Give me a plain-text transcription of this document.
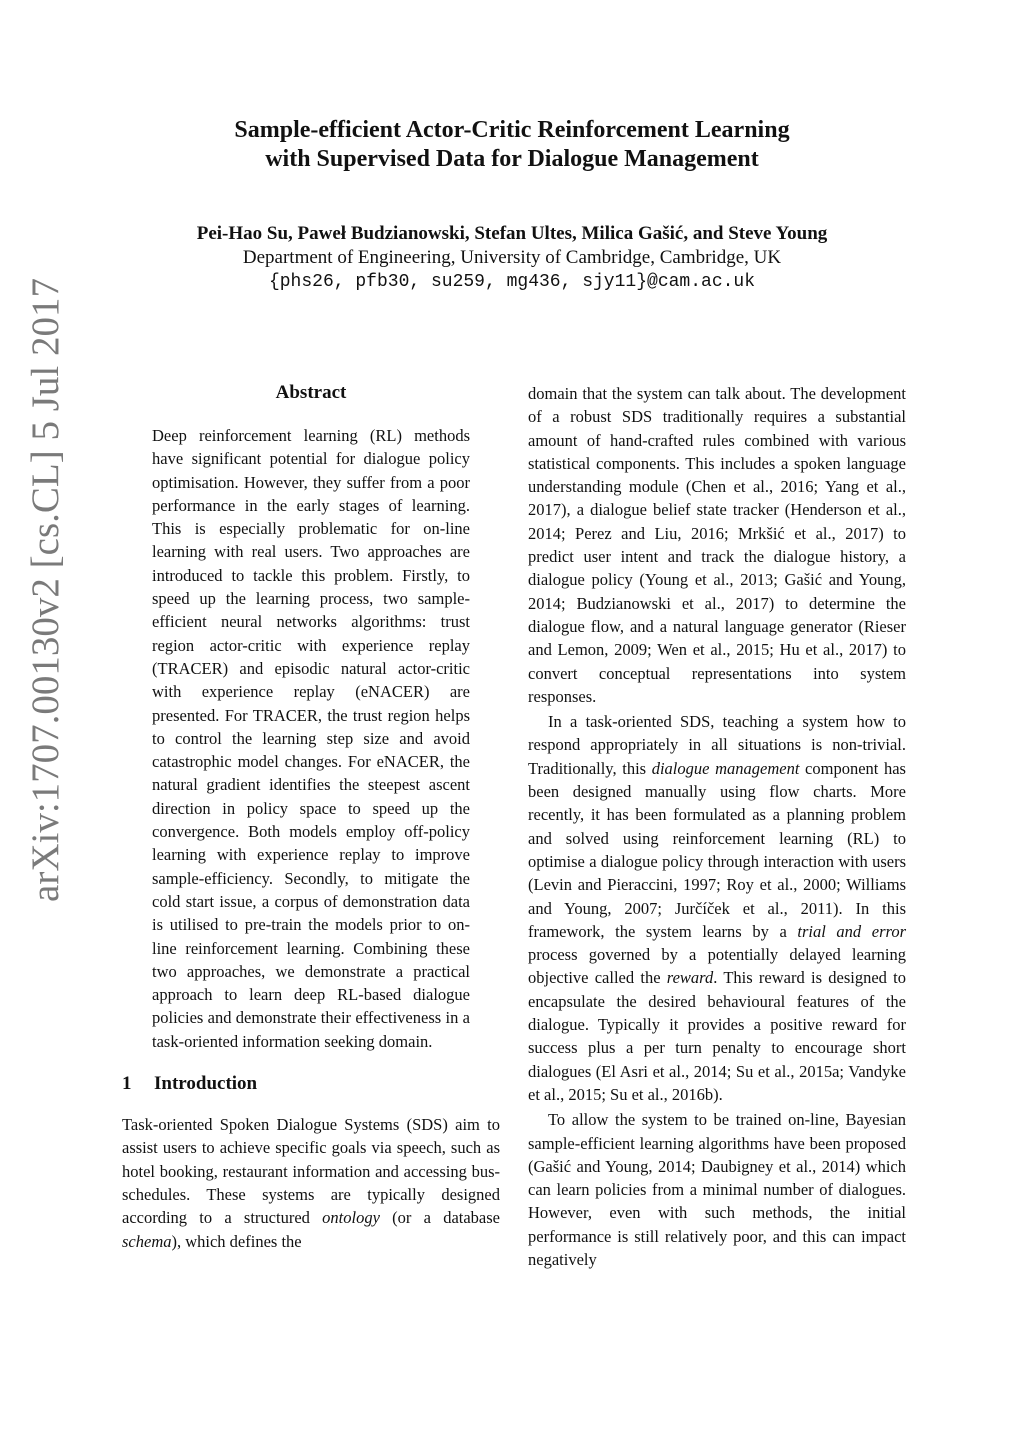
arXiv:1707.00130v2 [cs.CL] 5 Jul 2017
Sample-efficient Actor-Critic Reinforcement Learning
with Supervised Data for Dialogue Management
Pei-Hao Su, Paweł Budzianowski, Stefan Ultes, Milica Gašić, and Steve Young
Department of Engineering, University of Cambridge, Cambridge, UK
{phs26, pfb30, su259, mg436, sjy11}@cam.ac.uk
Abstract

Deep reinforcement learning (RL) methods have significant potential for dialogue policy optimisation. However, they suffer from a poor performance in the early stages of learning. This is especially problematic for on-line learning with real users. Two approaches are introduced to tackle this problem. Firstly, to speed up the learning process, two sample-efficient neural networks algorithms: trust region actor-critic with experience replay (TRACER) and episodic natural actor-critic with experience replay (eNACER) are presented. For TRACER, the trust region helps to control the learning step size and avoid catastrophic model changes. For eNACER, the natural gradient identifies the steepest ascent direction in policy space to speed up the convergence. Both models employ off-policy learning with experience replay to improve sample-efficiency. Secondly, to mitigate the cold start issue, a corpus of demonstration data is utilised to pre-train the models prior to on-line reinforcement learning. Combining these two approaches, we demonstrate a practical approach to learn deep RL-based dialogue policies and demonstrate their effectiveness in a task-oriented information seeking domain.

1 Introduction

Task-oriented Spoken Dialogue Systems (SDS) aim to assist users to achieve specific goals via speech, such as hotel booking, restaurant information and accessing bus-schedules. These systems are typically designed according to a structured ontology (or a database schema), which defines the

domain that the system can talk about. The development of a robust SDS traditionally requires a substantial amount of hand-crafted rules combined with various statistical components. This includes a spoken language understanding module (Chen et al., 2016; Yang et al., 2017), a dialogue belief state tracker (Henderson et al., 2014; Perez and Liu, 2016; Mrkšić et al., 2017) to predict user intent and track the dialogue history, a dialogue policy (Young et al., 2013; Gašić and Young, 2014; Budzianowski et al., 2017) to determine the dialogue flow, and a natural language generator (Rieser and Lemon, 2009; Wen et al., 2015; Hu et al., 2017) to convert conceptual representations into system responses.

In a task-oriented SDS, teaching a system how to respond appropriately in all situations is non-trivial. Traditionally, this dialogue management component has been designed manually using flow charts. More recently, it has been formulated as a planning problem and solved using reinforcement learning (RL) to optimise a dialogue policy through interaction with users (Levin and Pieraccini, 1997; Roy et al., 2000; Williams and Young, 2007; Jurčíček et al., 2011). In this framework, the system learns by a trial and error process governed by a potentially delayed learning objective called the reward. This reward is designed to encapsulate the desired behavioural features of the dialogue. Typically it provides a positive reward for success plus a per turn penalty to encourage short dialogues (El Asri et al., 2014; Su et al., 2015a; Vandyke et al., 2015; Su et al., 2016b).

To allow the system to be trained on-line, Bayesian sample-efficient learning algorithms have been proposed (Gašić and Young, 2014; Daubigney et al., 2014) which can learn policies from a minimal number of dialogues. However, even with such methods, the initial performance is still relatively poor, and this can impact negatively
